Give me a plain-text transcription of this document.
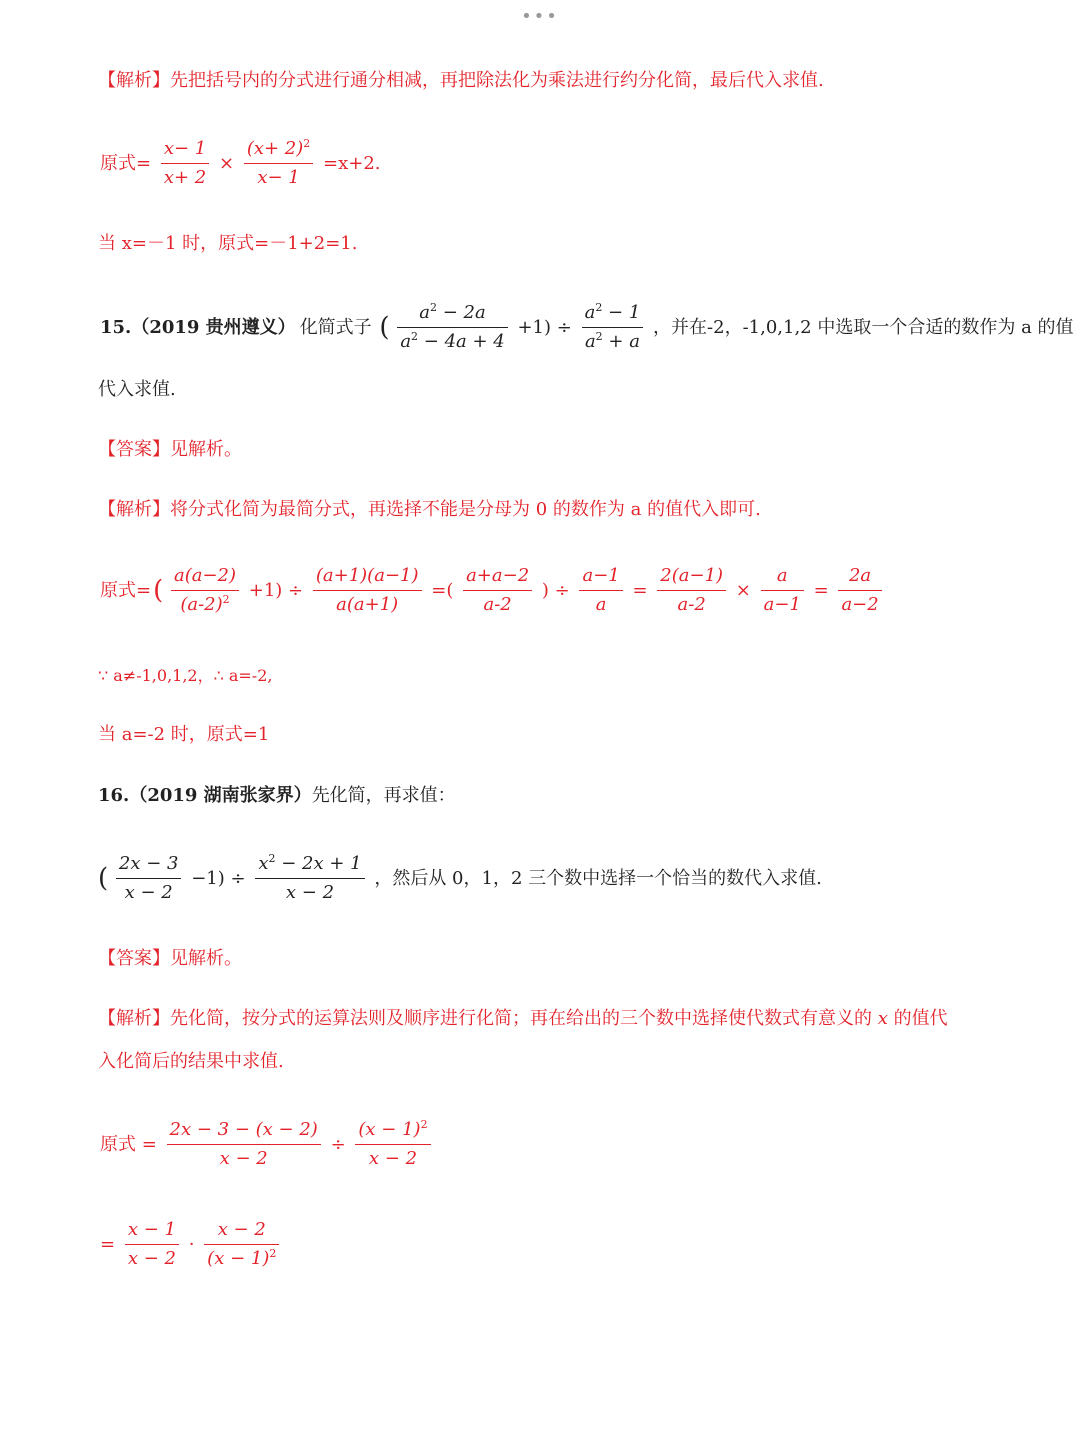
•••
【解析】先把括号内的分式进行通分相减，再把除法化为乘法进行约分化简，最后代入求值.
原式= $\frac{x- 1}{x+ 2} \times \frac{(x+ 2)^2}{x- 1} =x+2$.
当 x=－1 时，原式=－1+2=1.
15.（2019 贵州遵义） 化简式子 ( $\frac{a^2 - 2a}{a^2 - 4a + 4} +1) \div \frac{a^2 - 1}{a^2 + a}$ ，并在-2，-1,0,1,2 中选取一个合适的数作为 a 的值
代入求值.
【答案】见解析。
【解析】将分式化简为最简分式，再选择不能是分母为 0 的数作为 a 的值代入即可.
原式=( $\frac{a(a-2)}{(a-2)^2} +1) \div \frac{(a+1)(a-1)}{a(a+1)}$ =( $\frac{a+a-2}{a-2}$ ) ÷ $\frac{a-1}{a} = \frac{2(a-1)}{a-2} \times \frac{a}{a-1} = \frac{2a}{a-2}$
∵ a≠-1,0,1,2，∴ a=-2,
当 a=-2 时，原式=1
16.（2019 湖南张家界）先化简，再求值：
( $\frac{2x - 3}{x - 2} -1) \div \frac{x^2 - 2x + 1}{x - 2}$ ，然后从 0，1，2 三个数中选择一个恰当的数代入求值.
【答案】见解析。
【解析】先化简，按分式的运算法则及顺序进行化简；再在给出的三个数中选择使代数式有意义的 x 的值代
入化简后的结果中求值.
原式 = $\frac{2x - 3 - (x - 2)}{x - 2} \div \frac{(x - 1)^2}{x - 2}$
= $\frac{x - 1}{x - 2} \cdot \frac{x - 2}{(x - 1)^2}$
